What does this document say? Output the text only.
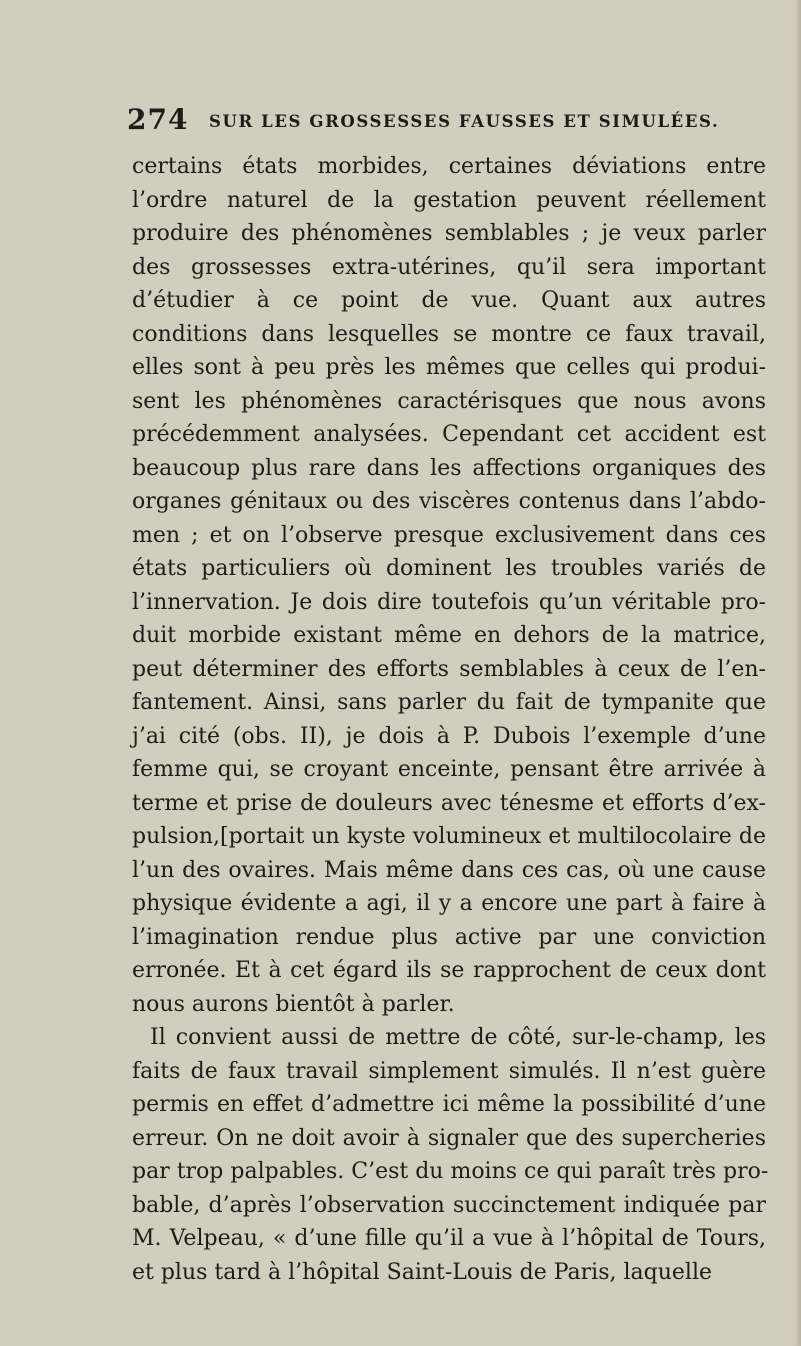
274 SUR LES GROSSESSES FAUSSES ET SIMULÉES.
certains états morbides, certaines déviations entre
l’ordre naturel de la gestation peuvent réellement
produire des phénomènes semblables ; je veux parler
des grossesses extra-utérines, qu’il sera important
d’étudier à ce point de vue. Quant aux autres
conditions dans lesquelles se montre ce faux travail,
elles sont à peu près les mêmes que celles qui produi-
sent les phénomènes caractérisques que nous avons
précédemment analysées. Cependant cet accident est
beaucoup plus rare dans les affections organiques des
organes génitaux ou des viscères contenus dans l’abdo-
men ; et on l’observe presque exclusivement dans ces
états particuliers où dominent les troubles variés de
l’innervation. Je dois dire toutefois qu’un véritable pro-
duit morbide existant même en dehors de la matrice,
peut déterminer des efforts semblables à ceux de l’en-
fantement. Ainsi, sans parler du fait de tympanite que
j’ai cité (obs. II), je dois à P. Dubois l’exemple d’une
femme qui, se croyant enceinte, pensant être arrivée à
terme et prise de douleurs avec ténesme et efforts d’ex-
pulsion,[portait un kyste volumineux et multilocolaire de
l’un des ovaires. Mais même dans ces cas, où une cause
physique évidente a agi, il y a encore une part à faire à
l’imagination rendue plus active par une conviction
erronée. Et à cet égard ils se rapprochent de ceux dont
nous aurons bientôt à parler.
Il convient aussi de mettre de côté, sur-le-champ, les
faits de faux travail simplement simulés. Il n’est guère
permis en effet d’admettre ici même la possibilité d’une
erreur. On ne doit avoir à signaler que des supercheries
par trop palpables. C’est du moins ce qui paraît très pro-
bable, d’après l’observation succinctement indiquée par
M. Velpeau, « d’une fille qu’il a vue à l’hôpital de Tours,
et plus tard à l’hôpital Saint-Louis de Paris, laquelle
